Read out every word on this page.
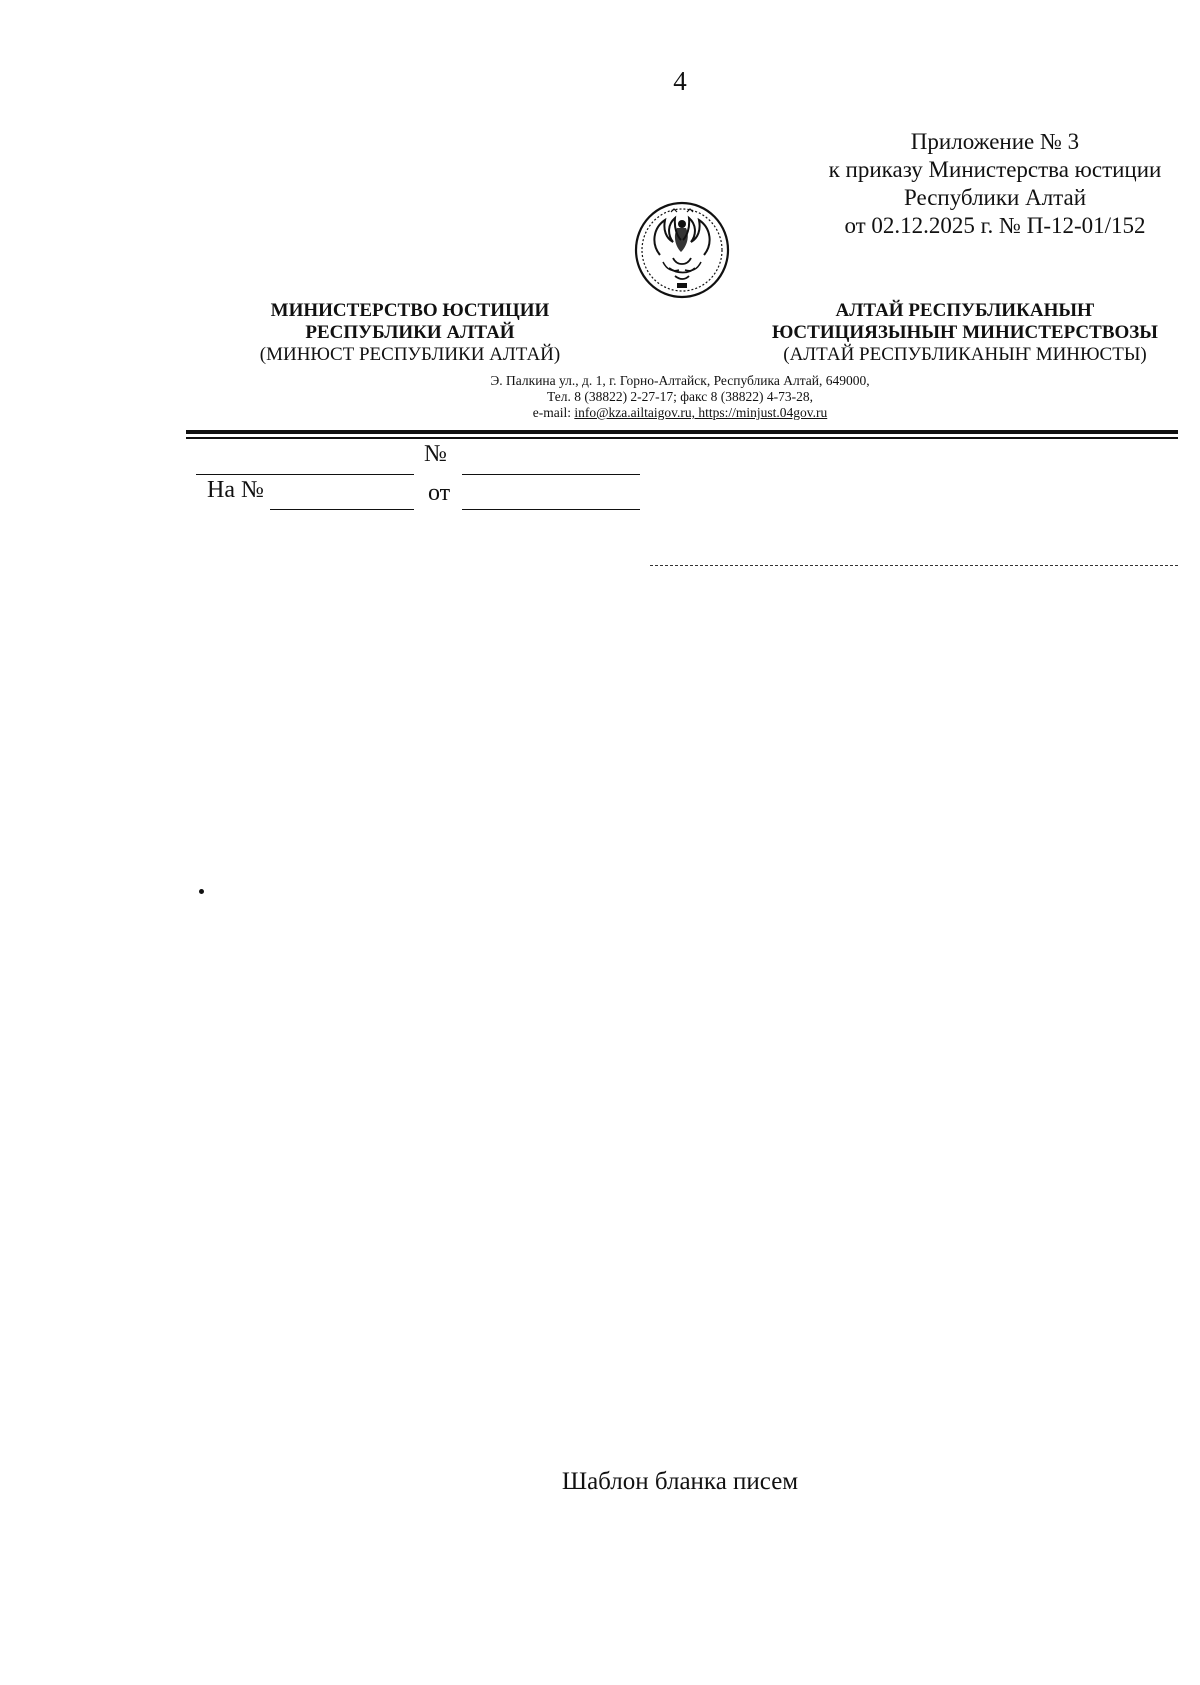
4
Приложение № 3
к приказу Министерства юстиции
Республики Алтай
от 02.12.2025 г. № П-12-01/152
МИНИСТЕРСТВО ЮСТИЦИИ
РЕСПУБЛИКИ АЛТАЙ
(МИНЮСТ РЕСПУБЛИКИ АЛТАЙ)
АЛТАЙ РЕСПУБЛИКАНЫҤ
ЮСТИЦИЯЗЫНЫҤ МИНИСТЕРСТВОЗЫ
(АЛТАЙ РЕСПУБЛИКАНЫҤ МИНЮСТЫ)
Э. Палкина ул., д. 1, г. Горно-Алтайск, Республика Алтай, 649000,
Тел. 8 (38822) 2-27-17; факс 8 (38822) 4-73-28,
e-mail: info@kza.ailtaigov.ru, https://minjust.04gov.ru
№
На №	от
Шаблон бланка писем
